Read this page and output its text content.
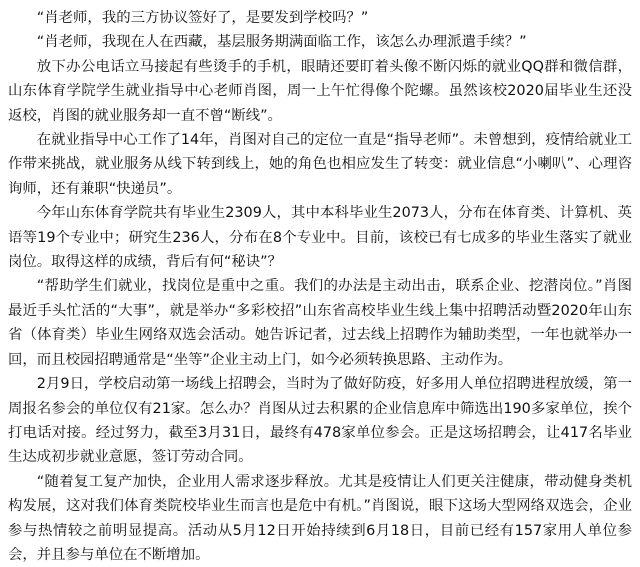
“肖老师，我的三方协议签好了，是要发到学校吗？”

“肖老师，我现在人在西藏，基层服务期满面临工作，该怎么办理派遣手续？”

放下办公电话立马接起有些烫手的手机，眼睛还要盯着头像不断闪烁的就业QQ群和微信群，山东体育学院学生就业指导中心老师肖图，周一上午忙得像个陀螺。虽然该校2020届毕业生还没返校，肖图的就业服务却一直不曾“断线”。

在就业指导中心工作了14年，肖图对自己的定位一直是“指导老师”。未曾想到，疫情给就业工作带来挑战，就业服务从线下转到线上，她的角色也相应发生了转变：就业信息“小喇叭”、心理咨询师，还有兼职“快递员”。

今年山东体育学院共有毕业生2309人，其中本科毕业生2073人，分布在体育类、计算机、英语等19个专业中；研究生236人，分布在8个专业中。目前，该校已有七成多的毕业生落实了就业岗位。取得这样的成绩，背后有何“秘诀”？

“帮助学生们就业，找岗位是重中之重。我们的办法是主动出击，联系企业、挖潜岗位。”肖图最近手头忙活的“大事”，就是举办“多彩校招”山东省高校毕业生线上集中招聘活动暨2020年山东省（体育类）毕业生网络双选会活动。她告诉记者，过去线上招聘作为辅助类型，一年也就举办一回，而且校园招聘通常是“坐等”企业主动上门，如今必须转换思路、主动作为。

2月9日，学校启动第一场线上招聘会，当时为了做好防疫，好多用人单位招聘进程放缓，第一周报名参会的单位仅有21家。怎么办？肖图从过去积累的企业信息库中筛选出190多家单位，挨个打电话对接。经过努力，截至3月31日，最终有478家单位参会。正是这场招聘会，让417名毕业生达成初步就业意愿，签订劳动合同。

“随着复工复产加快，企业用人需求逐步释放。尤其是疫情让人们更关注健康，带动健身类机构发展，这对我们体育类院校毕业生而言也是危中有机。”肖图说，眼下这场大型网络双选会，企业参与热情较之前明显提高。活动从5月12日开始持续到6月18日，目前已经有157家用人单位参会，并且参与单位在不断增加。
